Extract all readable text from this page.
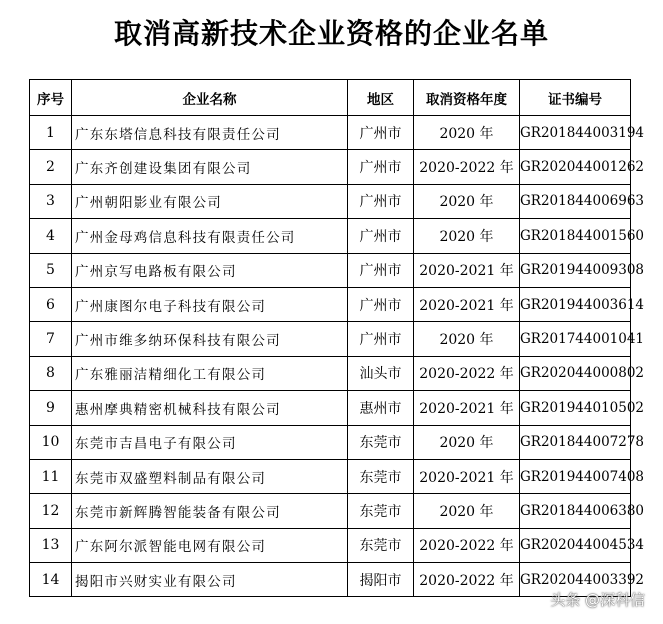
取消高新技术企业资格的企业名单
序号	企业名称	地区	取消资格年度	证书编号
1	广东东塔信息科技有限责任公司	广州市	2020 年	GR201844003194
2	广东齐创建设集团有限公司	广州市	2020-2022 年	GR202044001262
3	广州朝阳影业有限公司	广州市	2020 年	GR201844006963
4	广州金母鸡信息科技有限责任公司	广州市	2020 年	GR201844001560
5	广州京写电路板有限公司	广州市	2020-2021 年	GR201944009308
6	广州康图尔电子科技有限公司	广州市	2020-2021 年	GR201944003614
7	广州市维多纳环保科技有限公司	广州市	2020 年	GR201744001041
8	广东雅丽洁精细化工有限公司	汕头市	2020-2022 年	GR202044000802
9	惠州摩典精密机械科技有限公司	惠州市	2020-2021 年	GR201944010502
10	东莞市吉昌电子有限公司	东莞市	2020 年	GR201844007278
11	东莞市双盛塑料制品有限公司	东莞市	2020-2021 年	GR201944007408
12	东莞市新辉腾智能装备有限公司	东莞市	2020 年	GR201844006380
13	广东阿尔派智能电网有限公司	东莞市	2020-2022 年	GR202044004534
14	揭阳市兴财实业有限公司	揭阳市	2020-2022 年	GR202044003392
头条 @深科信
